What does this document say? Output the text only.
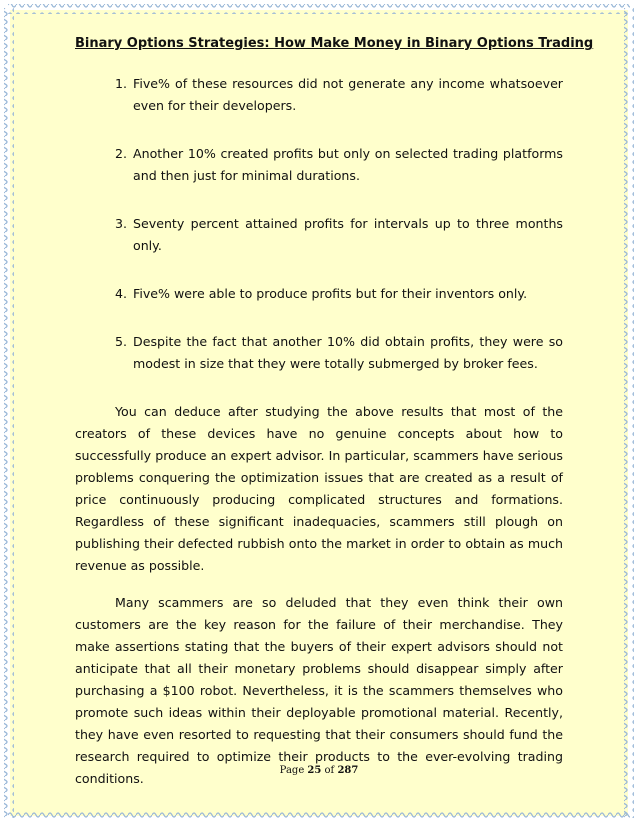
Binary Options Strategies: How Make Money in Binary Options Trading
1. Five% of these resources did not generate any income whatsoever even for their developers.
2. Another 10% created profits but only on selected trading platforms and then just for minimal durations.
3. Seventy percent attained profits for intervals up to three months only.
4. Five% were able to produce profits but for their inventors only.
5. Despite the fact that another 10% did obtain profits, they were so modest in size that they were totally submerged by broker fees.

You can deduce after studying the above results that most of the creators of these devices have no genuine concepts about how to successfully produce an expert advisor. In particular, scammers have serious problems conquering the optimization issues that are created as a result of price continuously producing complicated structures and formations. Regardless of these significant inadequacies, scammers still plough on publishing their defected rubbish onto the market in order to obtain as much revenue as possible.

Many scammers are so deluded that they even think their own customers are the key reason for the failure of their merchandise. They make assertions stating that the buyers of their expert advisors should not anticipate that all their monetary problems should disappear simply after purchasing a $100 robot. Nevertheless, it is the scammers themselves who promote such ideas within their deployable promotional material. Recently, they have even resorted to requesting that their consumers should fund the research required to optimize their products to the ever-evolving trading conditions.

Page 25 of 287
